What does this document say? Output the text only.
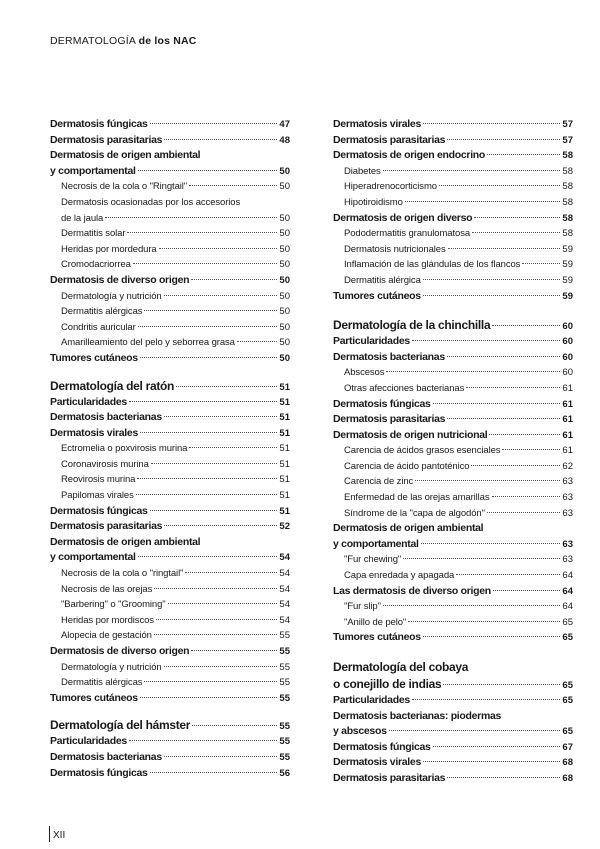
DERMATOLOGÍA de los NAC
Dermatosis fúngicas	47
Dermatosis parasitarias	48
Dermatosis de origen ambiental
y comportamental	50
Necrosis de la cola o "Ringtail"	50
Dermatosis ocasionadas por los accesorios
de la jaula	50
Dermatitis solar	50
Heridas por mordedura	50
Cromodacriorrea	50
Dermatosis de diverso origen	50
Dermatología y nutrición	50
Dermatitis alérgicas	50
Condritis auricular	50
Amarilleamiento del pelo y seborrea grasa	50
Tumores cutáneos	50
Dermatología del ratón	51
Particularidades	51
Dermatosis bacterianas	51
Dermatosis virales	51
Ectromelia o poxvirosis murina	51
Coronavirosis murina	51
Reovirosis murina	51
Papilomas virales	51
Dermatosis fúngicas	51
Dermatosis parasitarias	52
Dermatosis de origen ambiental
y comportamental	54
Necrosis de la cola o "ringtail"	54
Necrosis de las orejas	54
"Barbering" o "Grooming"	54
Heridas por mordiscos	54
Alopecia de gestación	55
Dermatosis de diverso origen	55
Dermatología y nutrición	55
Dermatitis alérgicas	55
Tumores cutáneos	55
Dermatología del hámster	55
Particularidades	55
Dermatosis bacterianas	55
Dermatosis fúngicas	56
Dermatosis virales	57
Dermatosis parasitarias	57
Dermatosis de origen endocrino	58
Diabetes	58
Hiperadrenocorticismo	58
Hipotiroidismo	58
Dermatosis de origen diverso	58
Pododermatitis granulomatosa	58
Dermatosis nutricionales	59
Inflamación de las glándulas de los flancos	59
Dermatitis alérgica	59
Tumores cutáneos	59
Dermatología de la chinchilla	60
Particularidades	60
Dermatosis bacterianas	60
Abscesos	60
Otras afecciones bacterianas	61
Dermatosis fúngicas	61
Dermatosis parasitarias	61
Dermatosis de origen nutricional	61
Carencia de ácidos grasos esenciales	61
Carencia de ácido pantoténico	62
Carencia de zinc	63
Enfermedad de las orejas amarillas	63
Síndrome de la "capa de algodón"	63
Dermatosis de origen ambiental
y comportamental	63
"Fur chewing"	63
Capa enredada y apagada	64
Las dermatosis de diverso origen	64
"Fur slip"	64
"Anillo de pelo"	65
Tumores cutáneos	65
Dermatología del cobaya
o conejillo de indias	65
Particularidades	65
Dermatosis bacterianas: piodermas
y abscesos	65
Dermatosis fúngicas	67
Dermatosis virales	68
Dermatosis parasitarias	68
XII
